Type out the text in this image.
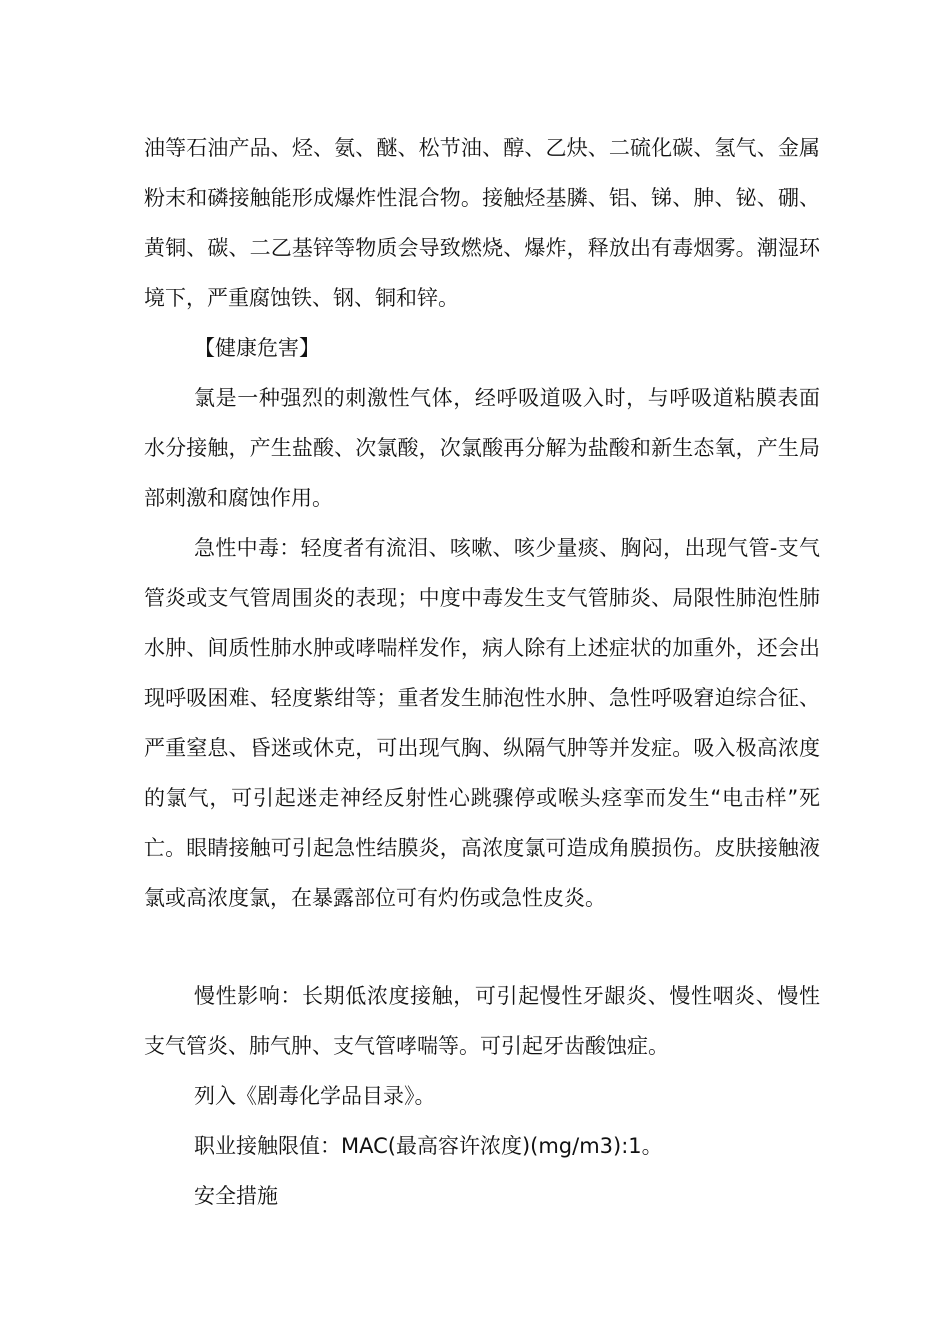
油等石油产品、烃、氨、醚、松节油、醇、乙炔、二硫化碳、氢气、金属粉末和磷接触能形成爆炸性混合物。接触烃基膦、铝、锑、胂、铋、硼、黄铜、碳、二乙基锌等物质会导致燃烧、爆炸，释放出有毒烟雾。潮湿环境下，严重腐蚀铁、钢、铜和锌。

【健康危害】

氯是一种强烈的刺激性气体，经呼吸道吸入时，与呼吸道粘膜表面水分接触，产生盐酸、次氯酸，次氯酸再分解为盐酸和新生态氧，产生局部刺激和腐蚀作用。

急性中毒：轻度者有流泪、咳嗽、咳少量痰、胸闷，出现气管-支气管炎或支气管周围炎的表现；中度中毒发生支气管肺炎、局限性肺泡性肺水肿、间质性肺水肿或哮喘样发作，病人除有上述症状的加重外，还会出现呼吸困难、轻度紫绀等；重者发生肺泡性水肿、急性呼吸窘迫综合征、严重窒息、昏迷或休克，可出现气胸、纵隔气肿等并发症。吸入极高浓度的氯气，可引起迷走神经反射性心跳骤停或喉头痉挛而发生“电击样”死亡。眼睛接触可引起急性结膜炎，高浓度氯可造成角膜损伤。皮肤接触液氯或高浓度氯，在暴露部位可有灼伤或急性皮炎。

慢性影响：长期低浓度接触，可引起慢性牙龈炎、慢性咽炎、慢性支气管炎、肺气肿、支气管哮喘等。可引起牙齿酸蚀症。

列入《剧毒化学品目录》。

职业接触限值：MAC(最高容许浓度)(mg/m3):1。

安全措施
